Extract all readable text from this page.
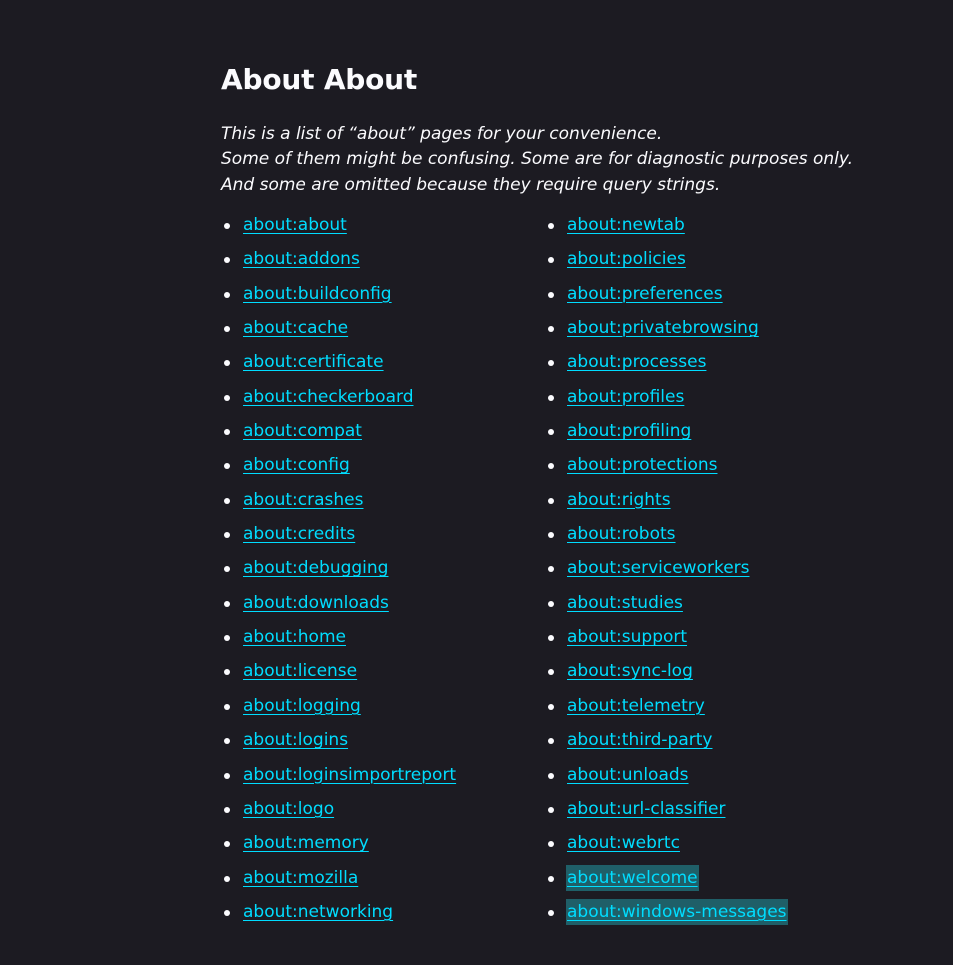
About About
This is a list of “about” pages for your convenience.
Some of them might be confusing. Some are for diagnostic purposes only.
And some are omitted because they require query strings.
about:about
about:addons
about:buildconfig
about:cache
about:certificate
about:checkerboard
about:compat
about:config
about:crashes
about:credits
about:debugging
about:downloads
about:home
about:license
about:logging
about:logins
about:loginsimportreport
about:logo
about:memory
about:mozilla
about:networking
about:newtab
about:policies
about:preferences
about:privatebrowsing
about:processes
about:profiles
about:profiling
about:protections
about:rights
about:robots
about:serviceworkers
about:studies
about:support
about:sync-log
about:telemetry
about:third-party
about:unloads
about:url-classifier
about:webrtc
about:welcome
about:windows-messages
